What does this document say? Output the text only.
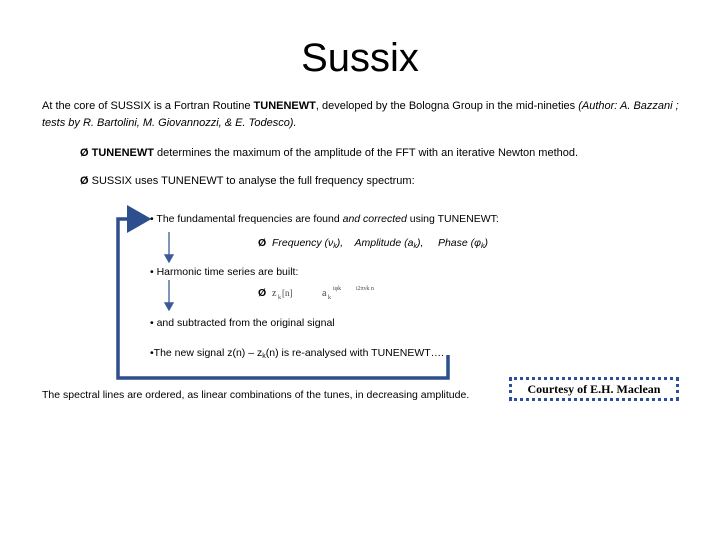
Sussix
At the core of SUSSIX is a Fortran Routine TUNENEWT, developed by the Bologna Group in the mid-nineties (Author: A. Bazzani ;
tests by R. Bartolini, M. Giovannozzi, & E. Todesco).
Ø TUNENEWT determines the maximum of the amplitude of the FFT with an iterative Newton method.
Ø SUSSIX uses TUNENEWT to analyse the full frequency spectrum:
• The fundamental frequencies are found and corrected using TUNENEWT:
Ø Frequency $(\nu_k)$, Amplitude $(a_k)$, Phase $(\varphi_k)$
• Harmonic time series are built:
Ø z k [n]	a k
iφk i2πνk n
• and subtracted from the original signal
•The new signal $z(n) - z_k(n)$ is re-analysed with TUNENEWT….
The spectral lines are ordered, as linear combinations of the tunes, in decreasing amplitude.	Courtesy of E.H. Maclean
